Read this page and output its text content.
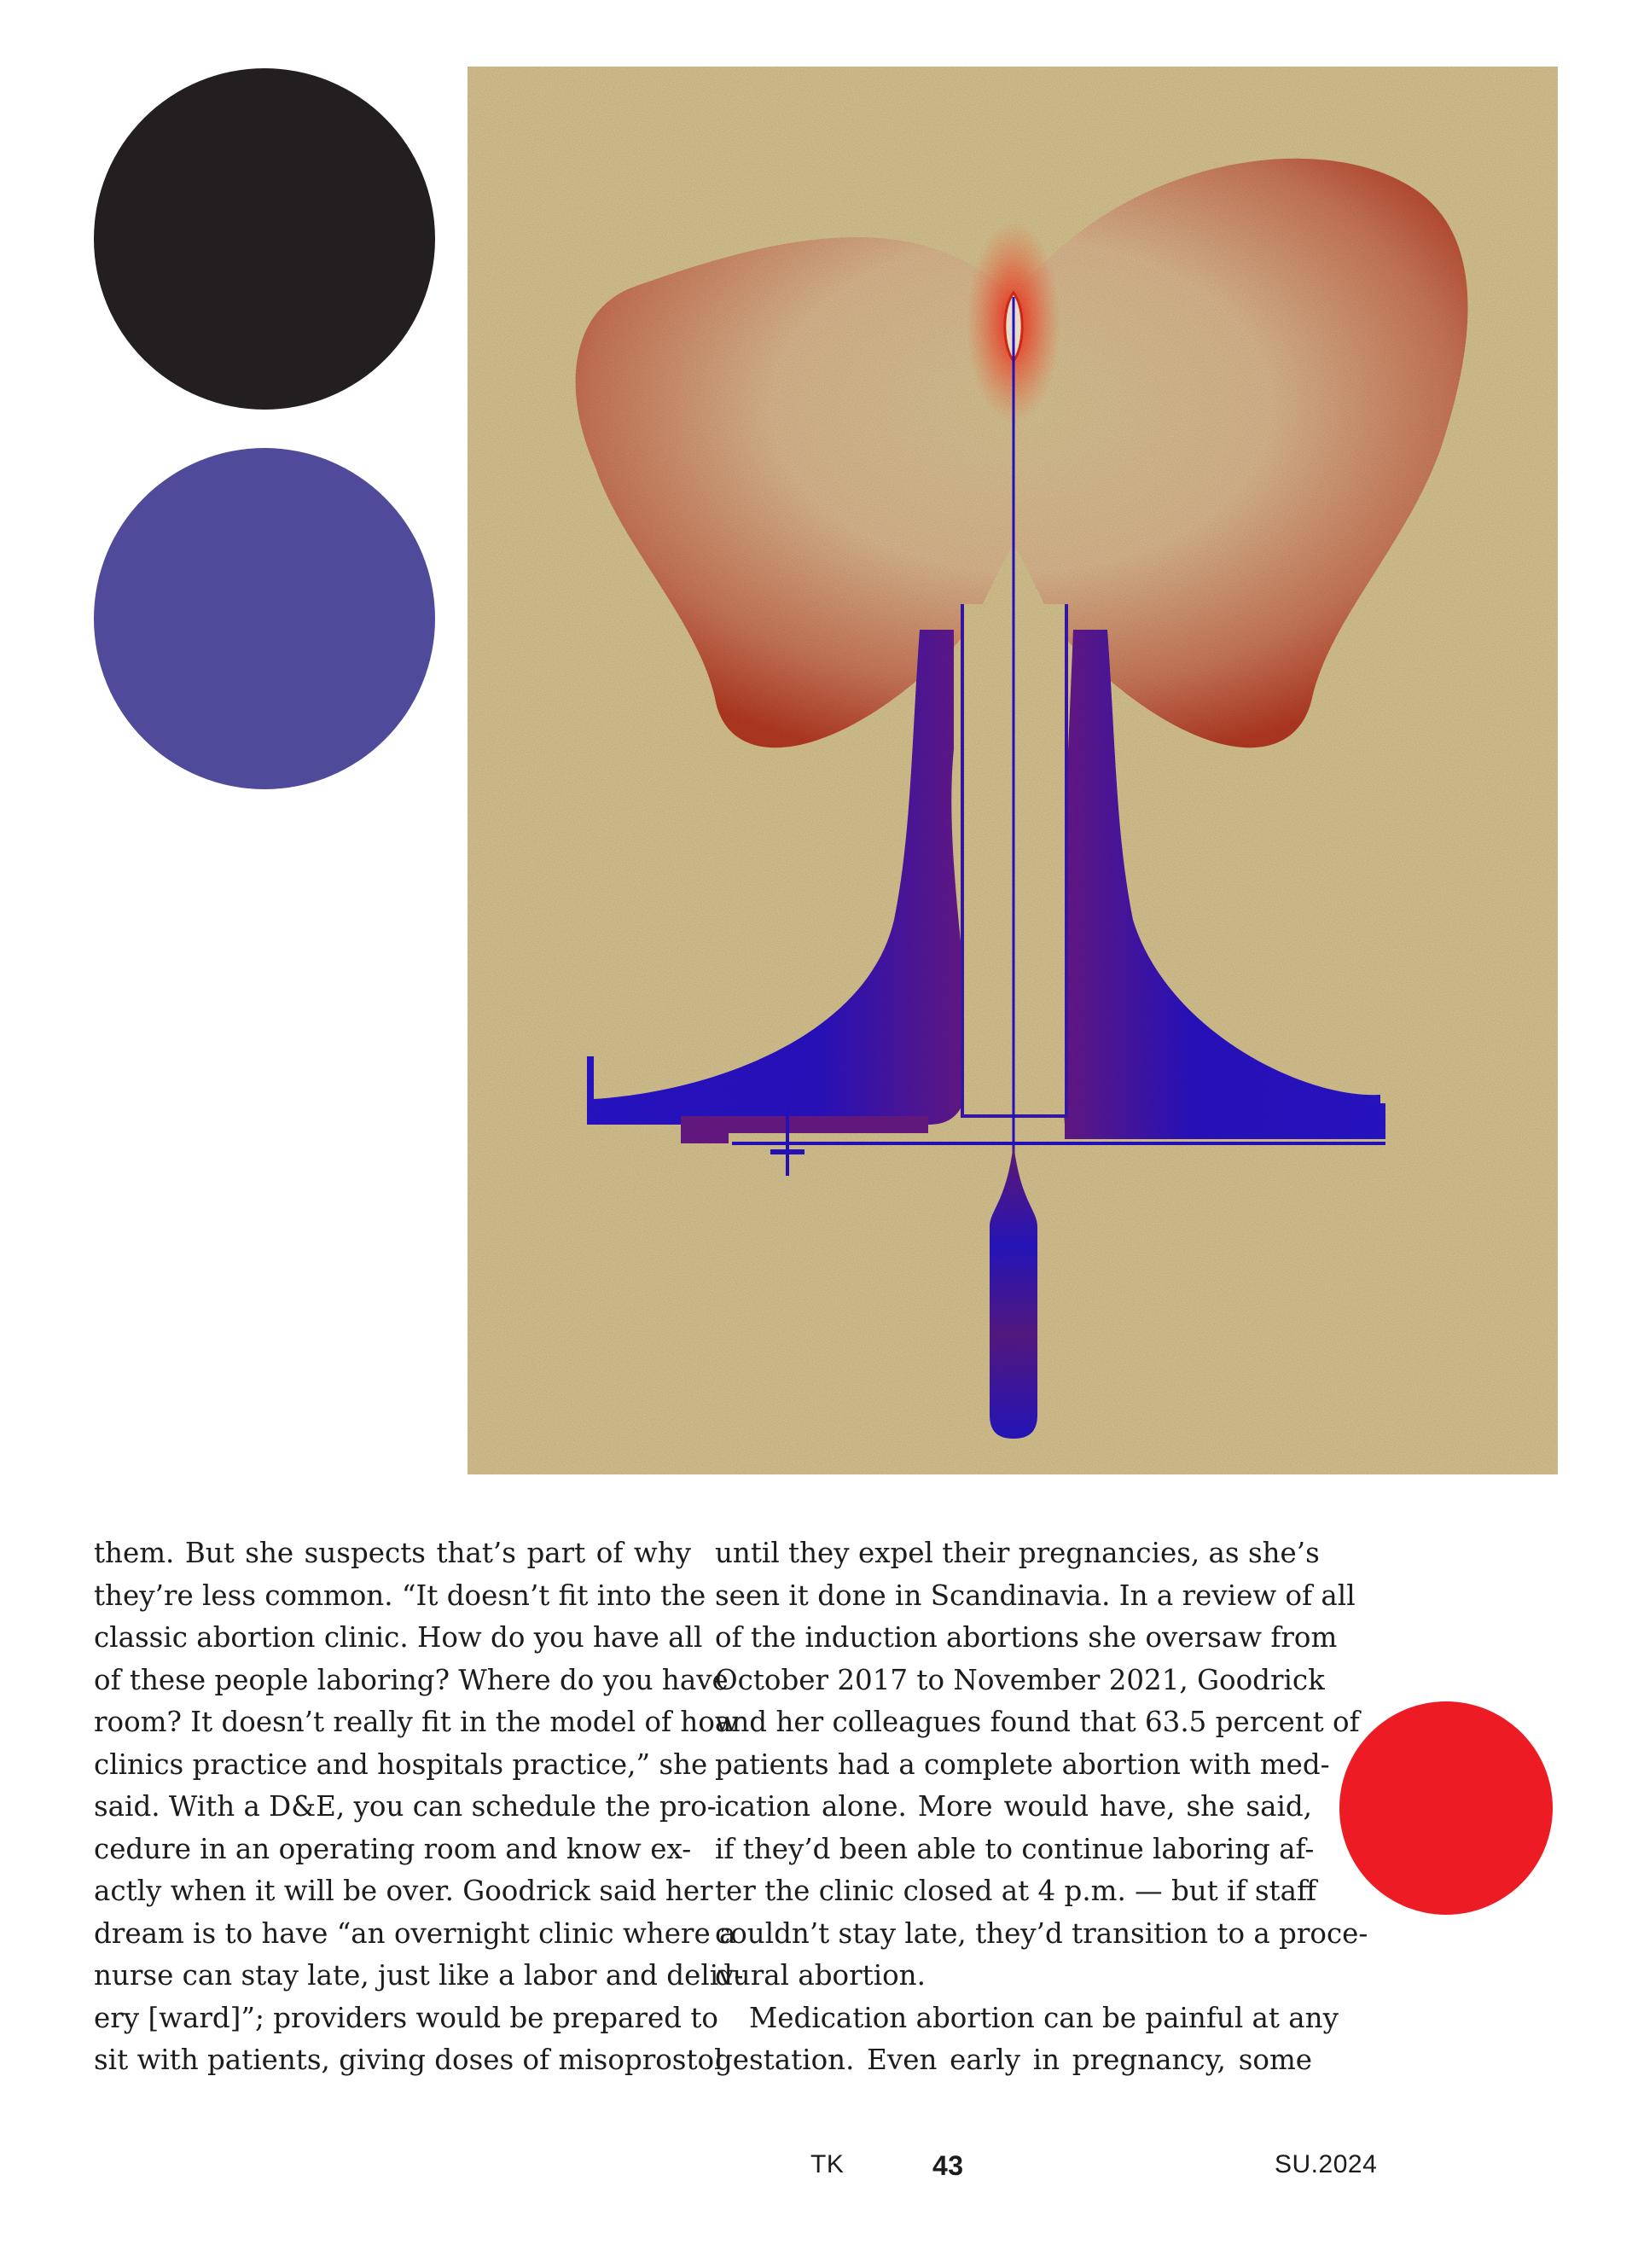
them. But she suspects that’s part of why
they’re less common. “It doesn’t fit into the
classic abortion clinic. How do you have all
of these people laboring? Where do you have
room? It doesn’t really fit in the model of how
clinics practice and hospitals practice,” she
said. With a D&E, you can schedule the pro-
cedure in an operating room and know ex-
actly when it will be over. Goodrick said her
dream is to have “an overnight clinic where a
nurse can stay late, just like a labor and deliv-
ery [ward]”; providers would be prepared to
sit with patients, giving doses of misoprostol
until they expel their pregnancies, as she’s
seen it done in Scandinavia. In a review of all
of the induction abortions she oversaw from
October 2017 to November 2021, Goodrick
and her colleagues found that 63.5 percent of
patients had a complete abortion with med-
ication alone. More would have, she said,
if they’d been able to continue laboring af-
ter the clinic closed at 4 p.m. — but if staff
couldn’t stay late, they’d transition to a proce-
dural abortion.
Medication abortion can be painful at any
gestation. Even early in pregnancy, some
TK	43	SU.2024
